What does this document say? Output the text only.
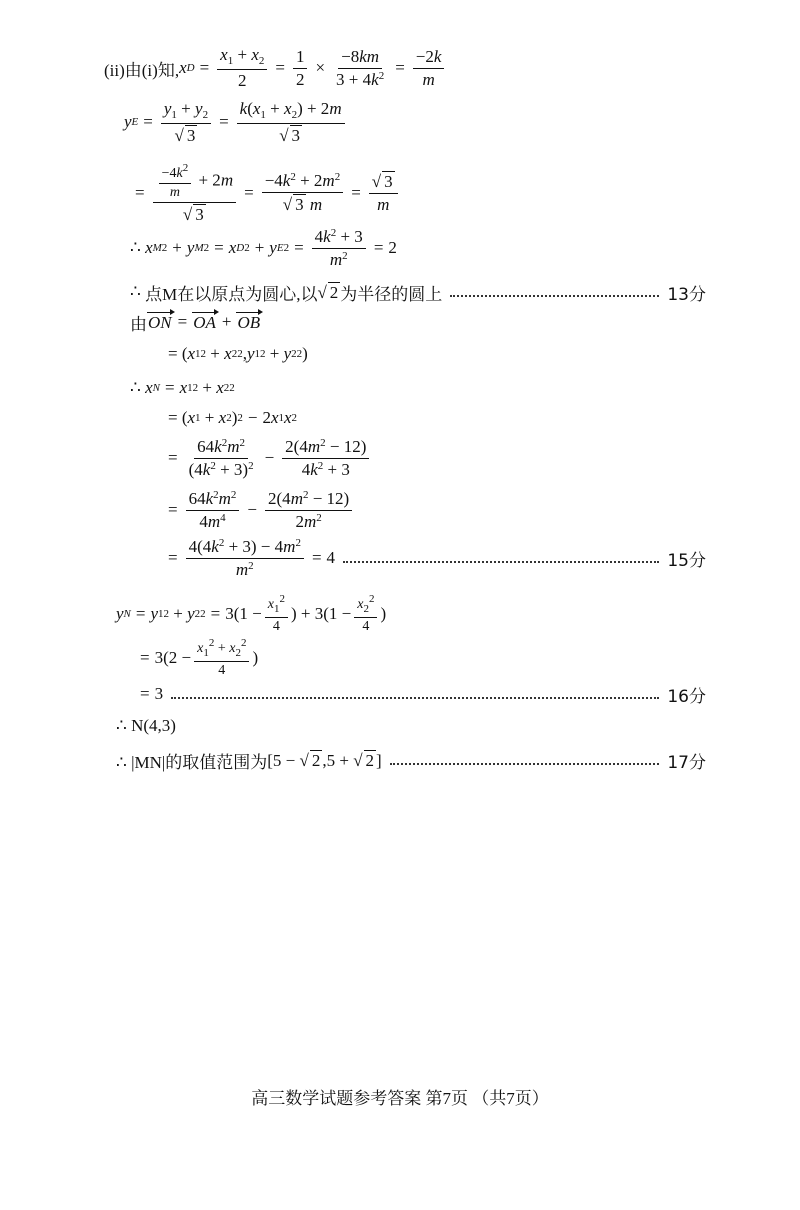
(ii)由(i)知, x $D = \frac{x_1 + x_2}{2} = \frac{1}{2} \times \frac{-8km}{3 + 4k^2} = \frac{-2k}{m}$
y $E = \frac{y_1 + y_2}{√ 3} = \frac{k(x_1 + x_2) + 2m}{√ 3}$
= $\frac{\frac{-4k^2}{m} + 2m}{√ 3} = \frac{-4k^2 + 2m^2}{√ 3 m} = \frac{√ 3}{m}$
∴ x M 2 + y M 2 = x D 2 + y E $2 = \frac{4k^2 + 3}{m^2} = 2$
∴ 点M在以原点为圆心,以 √ 2 为半径的圆上	13分
由 ON = OA + OB
= ( x 1 2 + x 2 2 , y 1 2 + y 2 2 )
∴ x N = x 1 2 + x 2 2
= ( x 1 + x 2 ) 2 − 2 x 1 x 2
= $\frac{64k^2m^2}{(4k^2 + 3)^2} - \frac{2(4m^2 - 12)}{4k^2 + 3}$
= $\frac{64k^2m^2}{4m^4} - \frac{2(4m^2 - 12)}{2m^2}$
= $\frac{4(4k^2 + 3) - 4m^2}{m^2} = 4$	15分
y N = y 1 2 + y 2 $2 = 3(1 - \frac{x_1^2}{4}$ ) + $3(1 - \frac{x_2^2}{4}$ )
= $3(2 - \frac{x_1^2 + x_2^2}{4}$ )
= 3	16分
∴ N(4,3)
∴ |MN|的取值范围为 [5 − √ 2 ,5 + √ 2 ]	17分
高三数学试题参考答案 第7页 （共7页）
